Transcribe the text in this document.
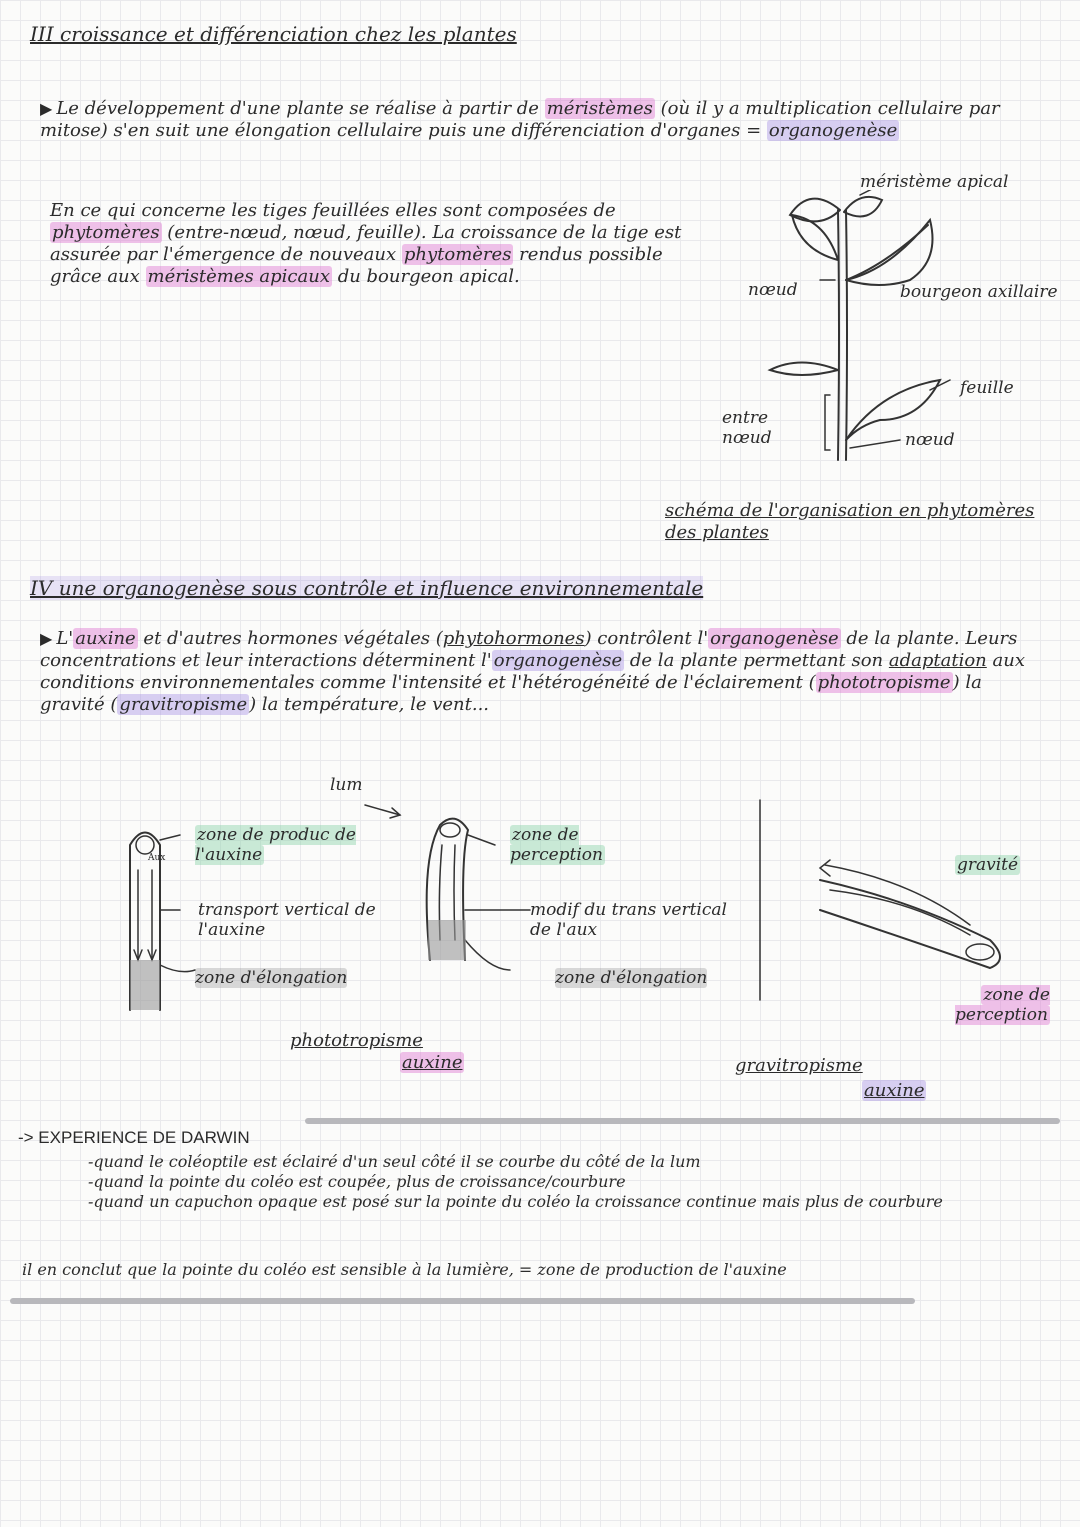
III croissance et différenciation chez les plantes
▶ Le développement d'une plante se réalise à partir de méristèmes (où il y a multiplication cellulaire par mitose) s'en suit une élongation cellulaire puis une différenciation d'organes = organogenèse
En ce qui concerne les tiges feuillées elles sont composées de phytomères (entre-nœud, nœud, feuille). La croissance de la tige est assurée par l'émergence de nouveaux phytomères rendus possible grâce aux méristèmes apicaux du bourgeon apical.
méristème apical
nœud	bourgeon axillaire
feuille
entre nœud	nœud
schéma de l'organisation en phytomères des plantes
IV une organogenèse sous contrôle et influence environnementale
▶ L' auxine et d'autres hormones végétales (phytohormones) contrôlent l' organogenèse de la plante. Leurs concentrations et leur interactions déterminent l' organogenèse de la plante permettant son adaptation aux conditions environnementales comme l'intensité et l'hétérogénéité de l'éclairement ( phototropisme ) la gravité ( gravitropisme ) la température, le vent...
Aux
lum
zone de produc de l'auxine
transport vertical de l'auxine
zone d'élongation
zone de perception
modif du trans vertical de l'aux
zone d'élongation
phototropisme
auxine
gravité
zone de perception
gravitropisme
auxine
-> EXPERIENCE DE DARWIN
-quand le coléoptile est éclairé d'un seul côté il se courbe du côté de la lum
-quand la pointe du coléo est coupée, plus de croissance/courbure
-quand un capuchon opaque est posé sur la pointe du coléo la croissance continue mais plus de courbure
il en conclut que la pointe du coléo est sensible à la lumière, = zone de production de l'auxine
